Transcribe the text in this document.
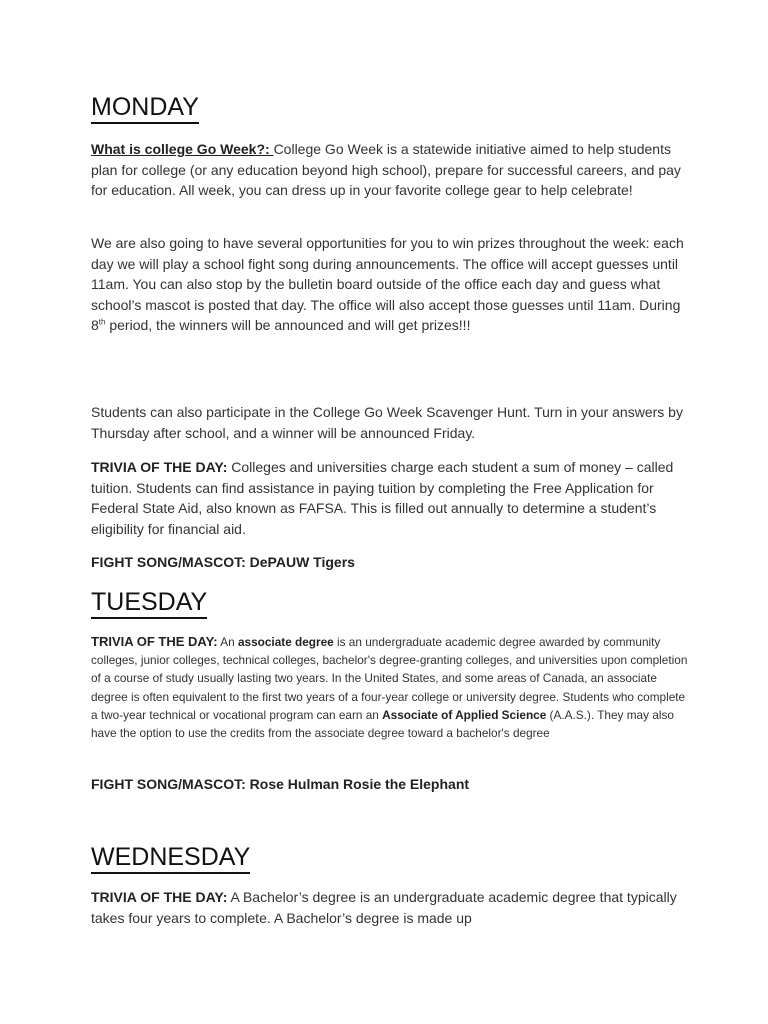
MONDAY

What is college Go Week?: College Go Week is a statewide initiative aimed to help students plan for college (or any education beyond high school), prepare for successful careers, and pay for education. All week, you can dress up in your favorite college gear to help celebrate!

We are also going to have several opportunities for you to win prizes throughout the week: each day we will play a school fight song during announcements. The office will accept guesses until 11am. You can also stop by the bulletin board outside of the office each day and guess what school’s mascot is posted that day. The office will also accept those guesses until 11am. During 8th period, the winners will be announced and will get prizes!!!

Students can also participate in the College Go Week Scavenger Hunt. Turn in your answers by Thursday after school, and a winner will be announced Friday.

TRIVIA OF THE DAY: Colleges and universities charge each student a sum of money – called tuition. Students can find assistance in paying tuition by completing the Free Application for Federal State Aid, also known as FAFSA. This is filled out annually to determine a student’s eligibility for financial aid.

FIGHT SONG/MASCOT: DePAUW Tigers

TUESDAY

TRIVIA OF THE DAY: An associate degree is an undergraduate academic degree awarded by community colleges, junior colleges, technical colleges, bachelor's degree-granting colleges, and universities upon completion of a course of study usually lasting two years. In the United States, and some areas of Canada, an associate degree is often equivalent to the first two years of a four-year college or university degree. Students who complete a two-year technical or vocational program can earn an Associate of Applied Science (A.A.S.). They may also have the option to use the credits from the associate degree toward a bachelor's degree

FIGHT SONG/MASCOT: Rose Hulman Rosie the Elephant

WEDNESDAY

TRIVIA OF THE DAY: A Bachelor’s degree is an undergraduate academic degree that typically takes four years to complete. A Bachelor’s degree is made up
